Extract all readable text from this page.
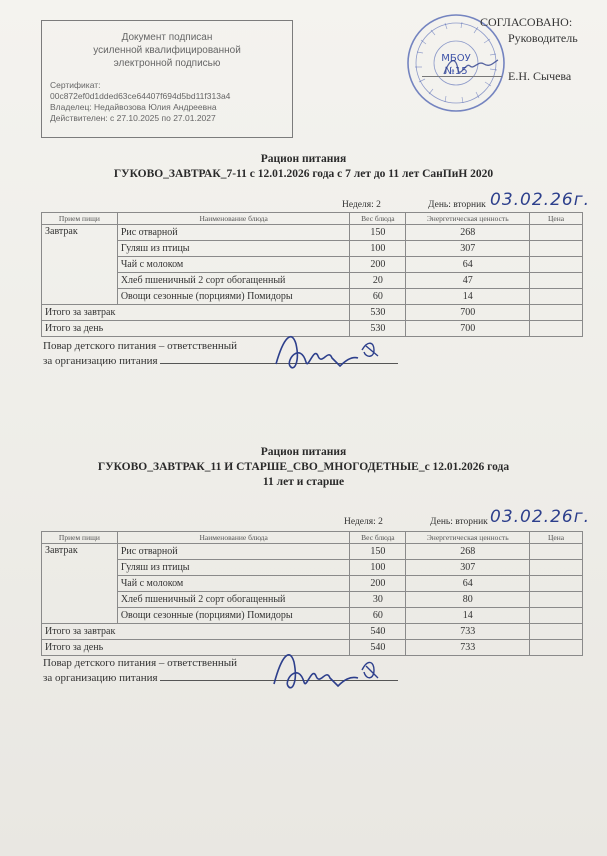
Документ подписан
усиленной квалифицированной
электронной подписью
Сертификат:
00c872ef0d1dded63ce64407f694d5bd11f313a4
Владелец: Недайвозова Юлия Андреевна
Действителен: с 27.10.2025 по 27.01.2027
МБОУ
№15
СОГЛАСОВАНО:
Руководитель
Е.Н. Сычева
Рацион питания
ГУКОВО_ЗАВТРАК_7-11 с 12.01.2026 года с 7 лет до 11 лет СанПиН 2020
Неделя: 2	День: вторник 03.02.26г.
Прием пищи	Наименование блюда	Вес блюда	Энергетическая ценность	Цена
Завтрак	Рис отварной	150	268	
	Гуляш из птицы	100	307	
	Чай с молоком	200	64	
	Хлеб пшеничный 2 сорт обогащенный	20	47	
	Овощи сезонные (порциями) Помидоры	60	14	
Итого за завтрак		530	700	
Итого за день		530	700	
Повар детского питания – ответственный
за организацию питания
Рацион питания
ГУКОВО_ЗАВТРАК_11 И СТАРШЕ_СВО_МНОГОДЕТНЫЕ_с 12.01.2026 года
11 лет и старше
Неделя: 2	День: вторник 03.02.26г.
Прием пищи	Наименование блюда	Вес блюда	Энергетическая ценность	Цена
Завтрак	Рис отварной	150	268	
	Гуляш из птицы	100	307	
	Чай с молоком	200	64	
	Хлеб пшеничный 2 сорт обогащенный	30	80	
	Овощи сезонные (порциями) Помидоры	60	14	
Итого за завтрак		540	733	
Итого за день		540	733	
Повар детского питания – ответственный
за организацию питания
